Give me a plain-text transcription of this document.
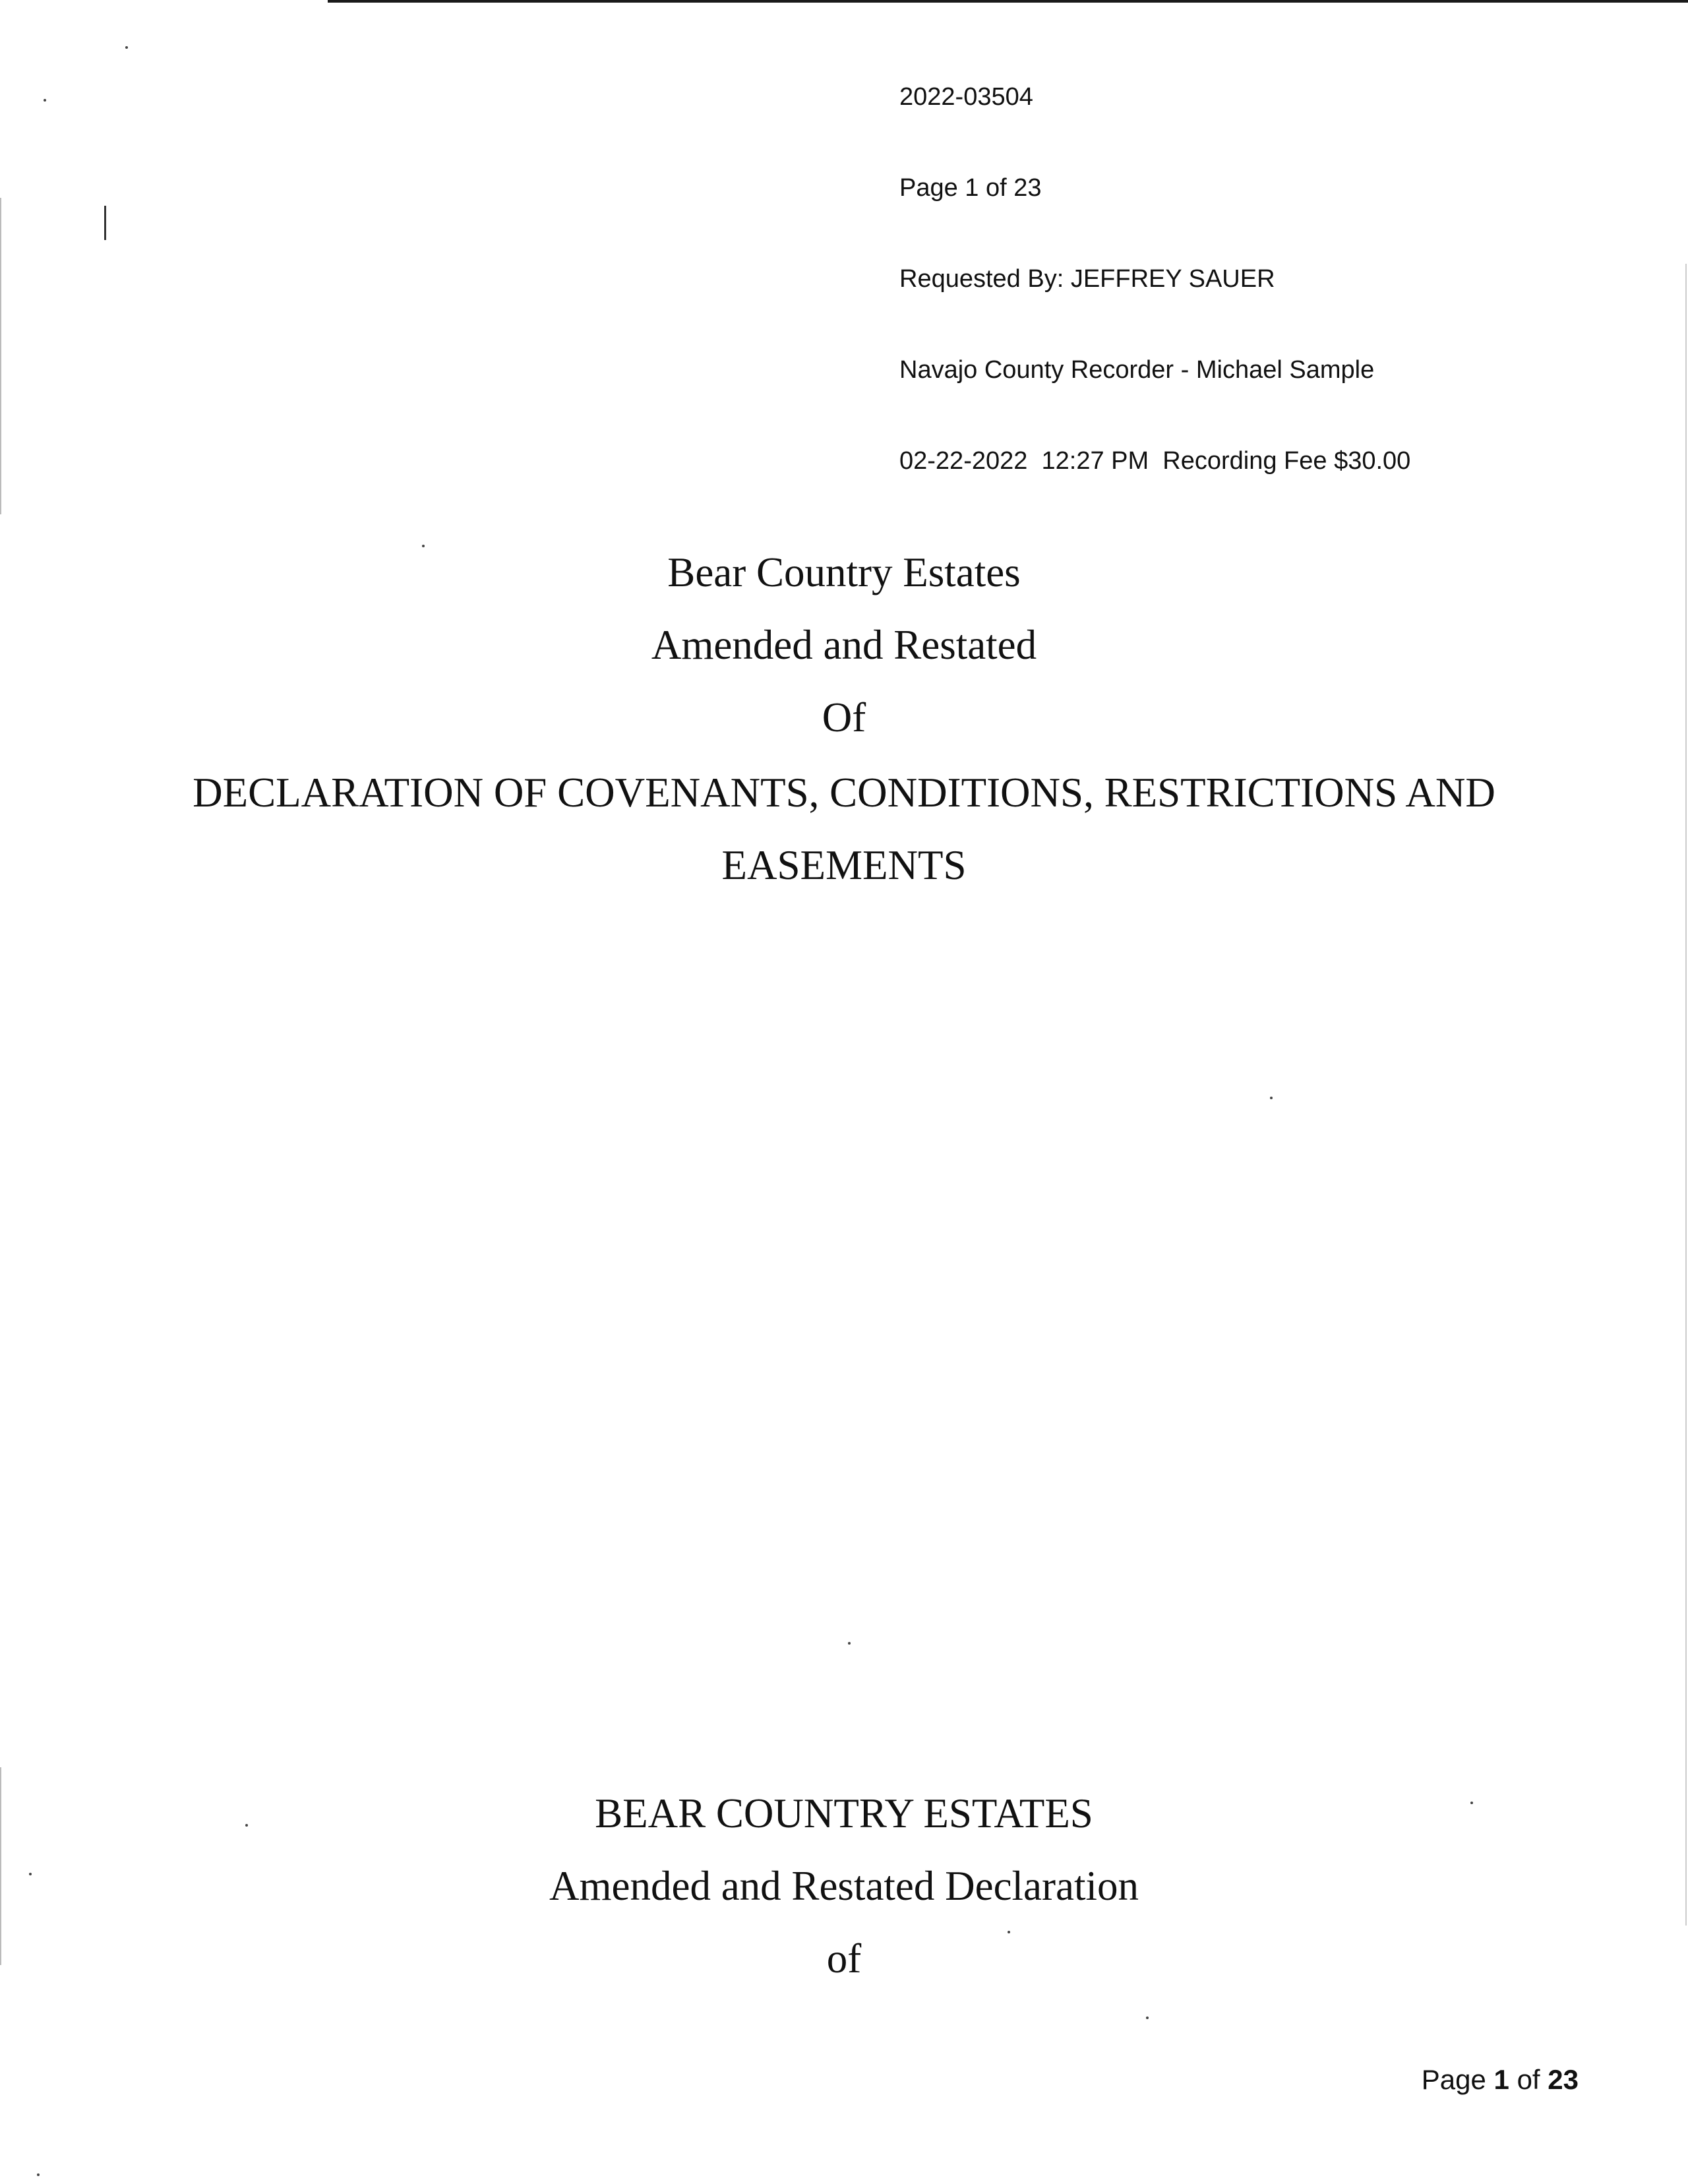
2022-03504

Page 1 of 23

Requested By: JEFFREY SAUER

Navajo County Recorder - Michael Sample

02-22-2022  12:27 PM  Recording Fee $30.00

Bear Country Estates
Amended and Restated
Of
DECLARATION OF COVENANTS, CONDITIONS, RESTRICTIONS AND
EASEMENTS
BEAR COUNTRY ESTATES
Amended and Restated Declaration
of
Page 1 of 23
